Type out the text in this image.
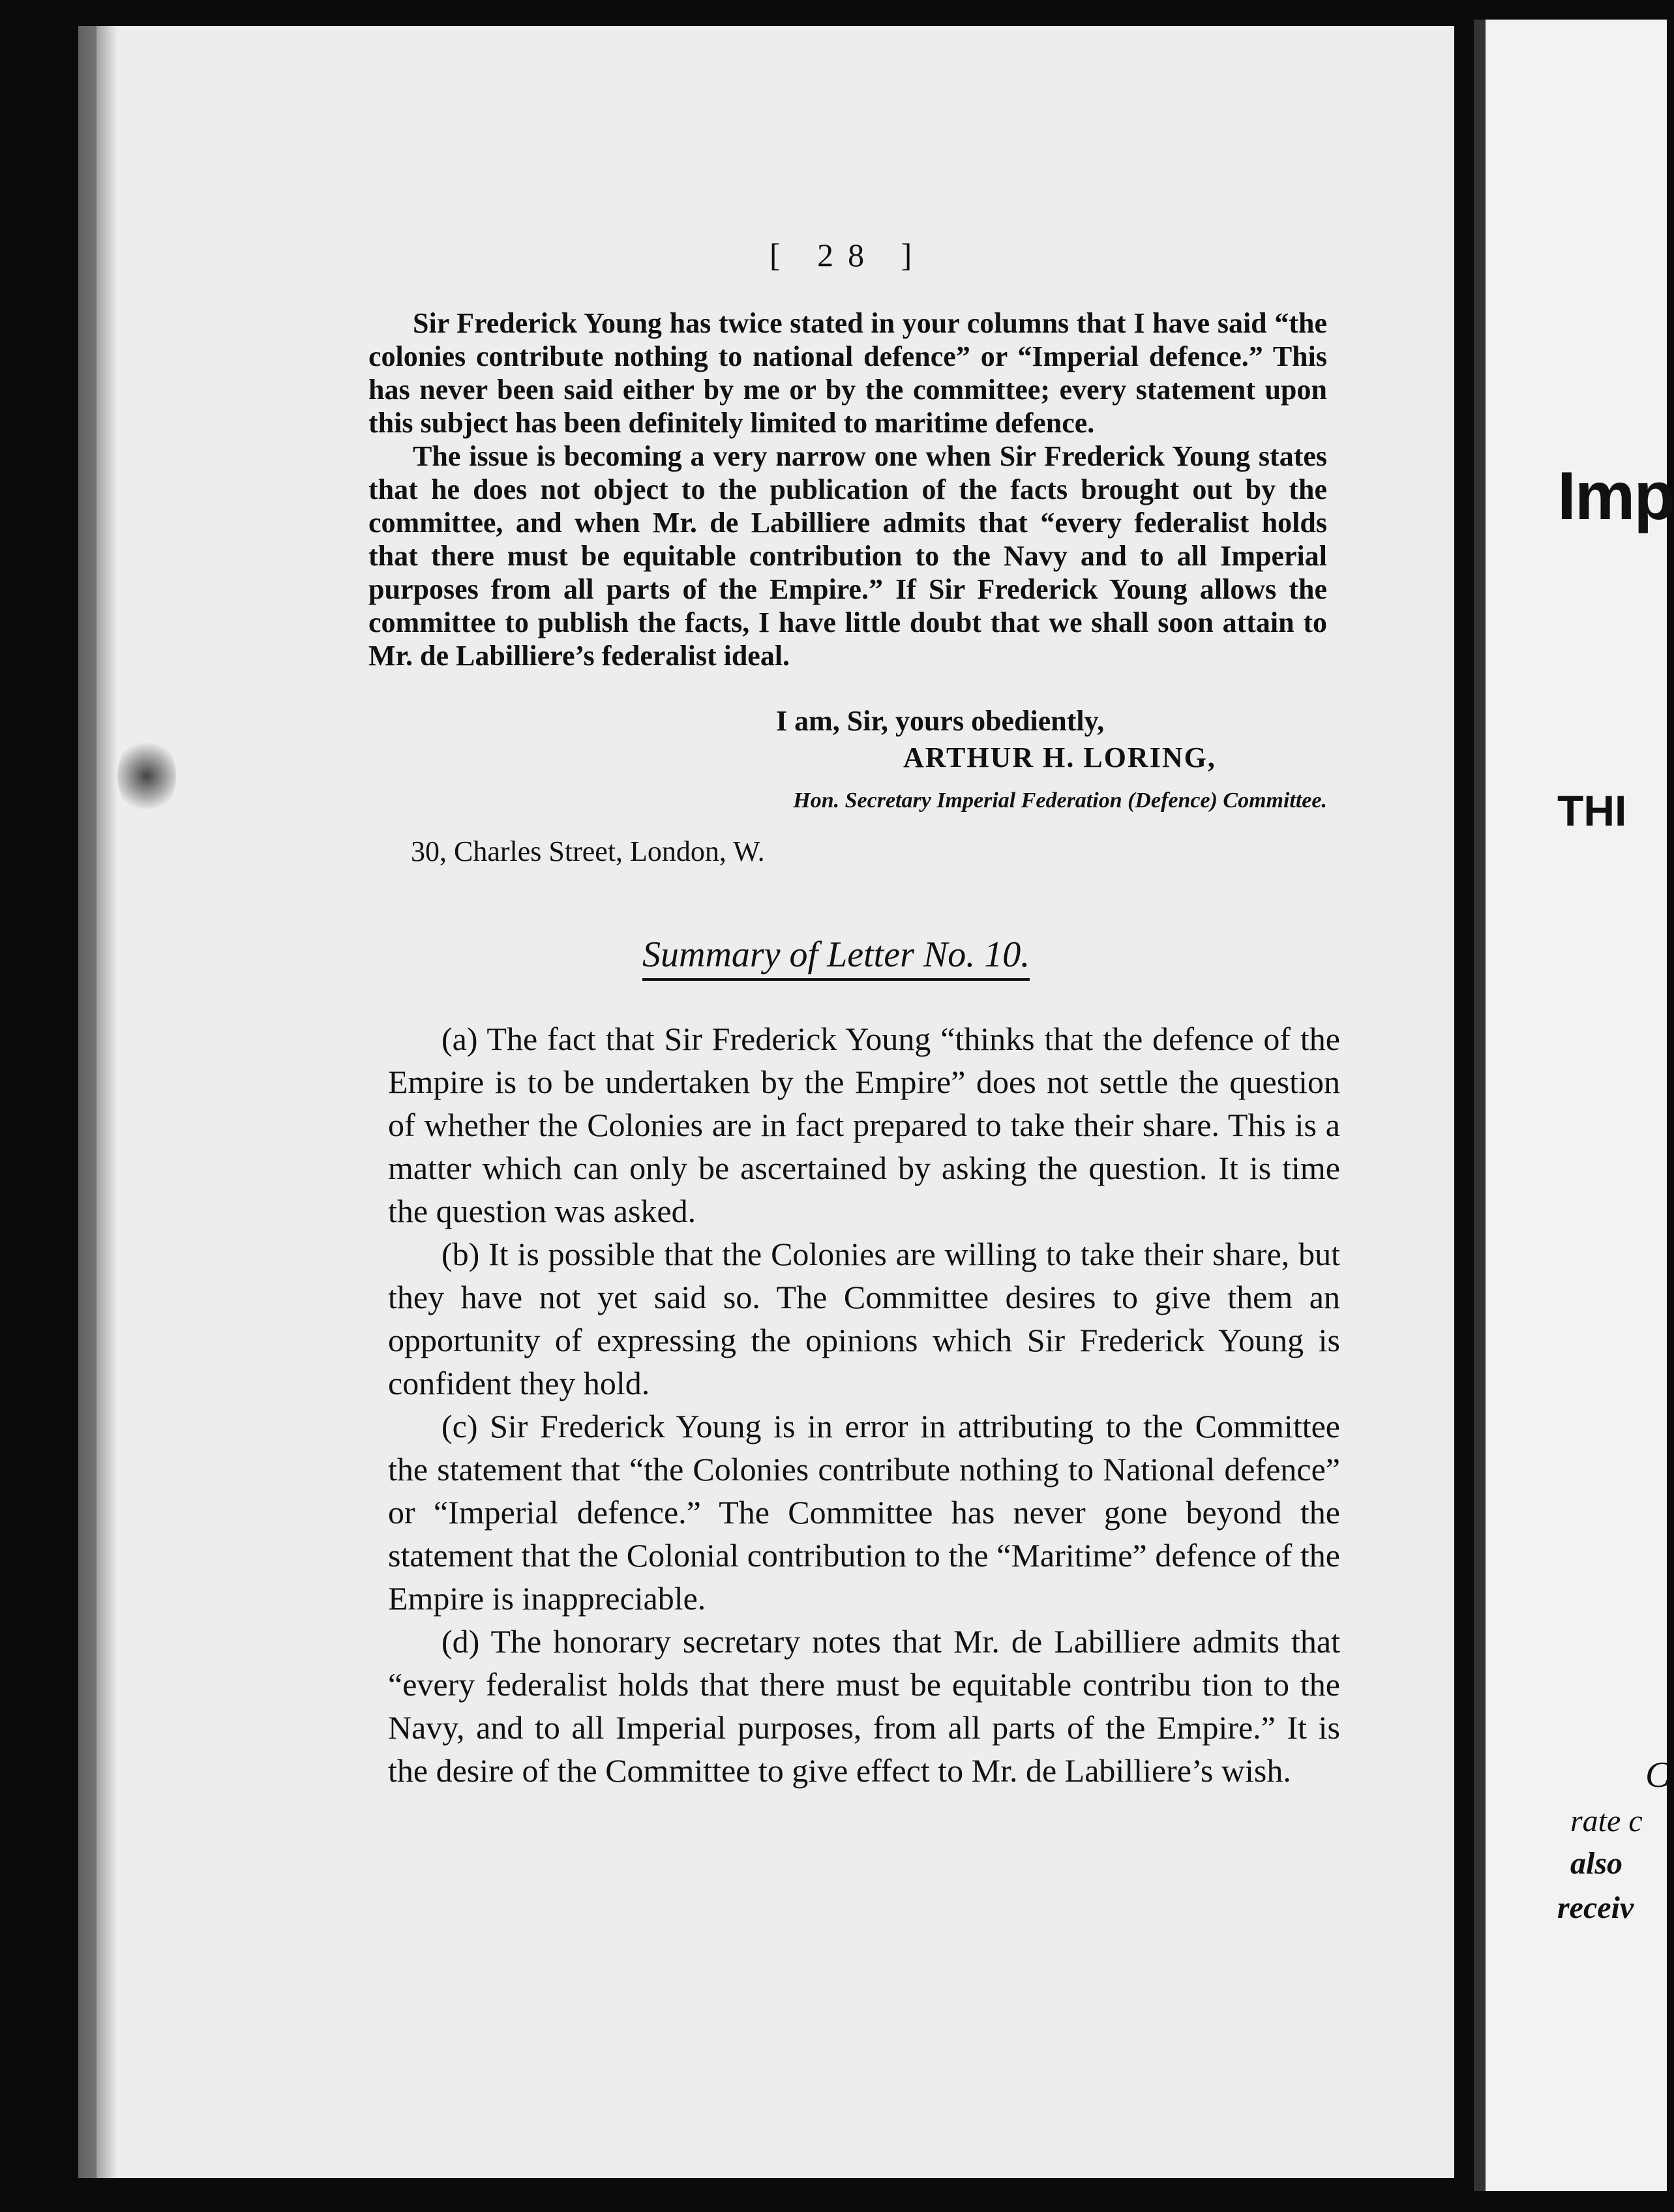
[ 28 ]

Sir Frederick Young has twice stated in your columns that I have said “the colonies contribute nothing to national defence” or “Imperial defence.” This has never been said either by me or by the committee; every statement upon this subject has been definitely limited to maritime defence.

The issue is becoming a very narrow one when Sir Frederick Young states that he does not object to the publication of the facts brought out by the committee, and when Mr. de Labilliere admits that “every federalist holds that there must be equitable contribution to the Navy and to all Imperial purposes from all parts of the Empire.” If Sir Frederick Young allows the committee to publish the facts, I have little doubt that we shall soon attain to Mr. de Labilliere’s federalist ideal.

I am, Sir, yours obediently,
ARTHUR H. LORING,
Hon. Secretary Imperial Federation (Defence) Committee.
30, Charles Street, London, W.
Summary of Letter No. 10.

(a) The fact that Sir Frederick Young “thinks that the defence of the Empire is to be undertaken by the Empire” does not settle the question of whether the Colonies are in fact prepared to take their share. This is a matter which can only be ascertained by asking the question. It is time the question was asked.

(b) It is possible that the Colonies are willing to take their share, but they have not yet said so. The Committee desires to give them an opportunity of expressing the opinions which Sir Frederick Young is confident they hold.

(c) Sir Frederick Young is in error in attributing to the Committee the statement that “the Colonies contribute nothing to National defence” or “Imperial defence.” The Committee has never gone beyond the statement that the Colonial contribution to the “Maritime” defence of the Empire is inappreciable.

(d) The honorary secretary notes that Mr. de Labilliere admits that “every federalist holds that there must be equitable contribu tion to the Navy, and to all Imperial purposes, from all parts of the Empire.” It is the desire of the Committee to give effect to Mr. de Labilliere’s wish.

Imp
THI
C
rate c
also
receiv
